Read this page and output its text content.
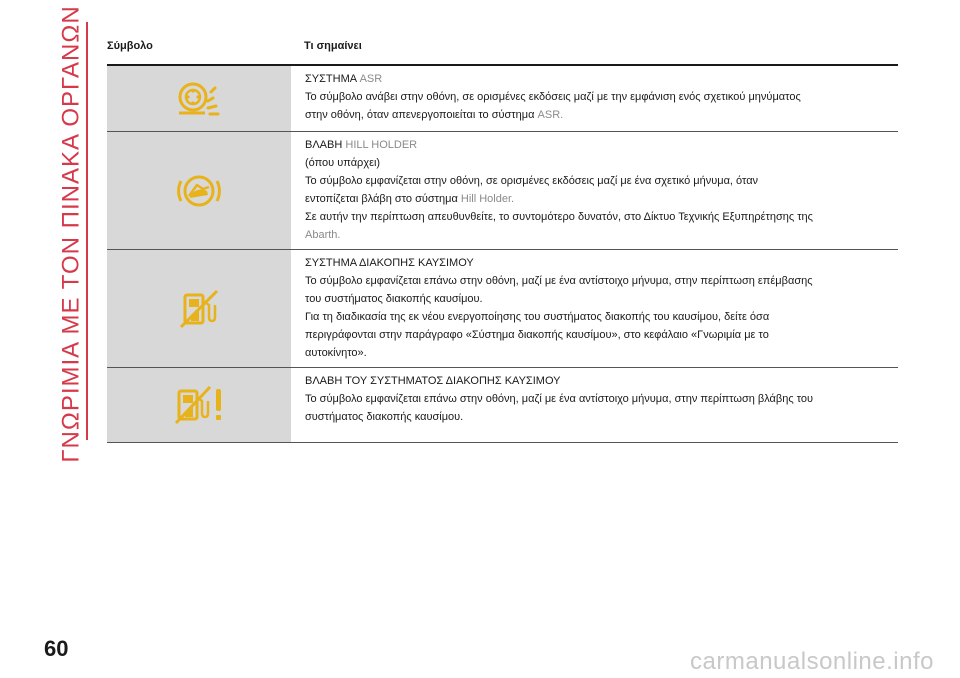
ΓΝΩΡΙΜΙΑ ΜΕ ΤΟΝ ΠΙΝΑΚΑ ΟΡΓΑΝΩΝ Σύμβολο	Τι σημαίνει
ΣΥΣΤΗΜΑ ASR
Το σύμβολο ανάβει στην οθόνη, σε ορισμένες εκδόσεις μαζί με την εμφάνιση ενός σχετικού μηνύματος
στην οθόνη, όταν απενεργοποιείται το σύστημα ASR.
ΒΛΑΒΗ HILL HOLDER
(όπου υπάρχει)
Το σύμβολο εμφανίζεται στην οθόνη, σε ορισμένες εκδόσεις μαζί με ένα σχετικό μήνυμα, όταν
εντοπίζεται βλάβη στο σύστημα Hill Holder.
Σε αυτήν την περίπτωση απευθυνθείτε, το συντομότερο δυνατόν, στο Δίκτυο Τεχνικής Εξυπηρέτησης της
Abarth.
ΣΥΣΤΗΜΑ ΔΙΑΚΟΠΗΣ ΚΑΥΣΙΜΟΥ
Το σύμβολο εμφανίζεται επάνω στην οθόνη, μαζί με ένα αντίστοιχο μήνυμα, στην περίπτωση επέμβασης
του συστήματος διακοπής καυσίμου.
Για τη διαδικασία της εκ νέου ενεργοποίησης του συστήματος διακοπής του καυσίμου, δείτε όσα
περιγράφονται στην παράγραφο «Σύστημα διακοπής καυσίμου», στο κεφάλαιο «Γνωριμία με το
αυτοκίνητο».
ΒΛΑΒΗ ΤΟΥ ΣΥΣΤΗΜΑΤΟΣ ΔΙΑΚΟΠΗΣ ΚΑΥΣΙΜΟΥ
Το σύμβολο εμφανίζεται επάνω στην οθόνη, μαζί με ένα αντίστοιχο μήνυμα, στην περίπτωση βλάβης του
συστήματος διακοπής καυσίμου.
60	carmanualsonline.info
